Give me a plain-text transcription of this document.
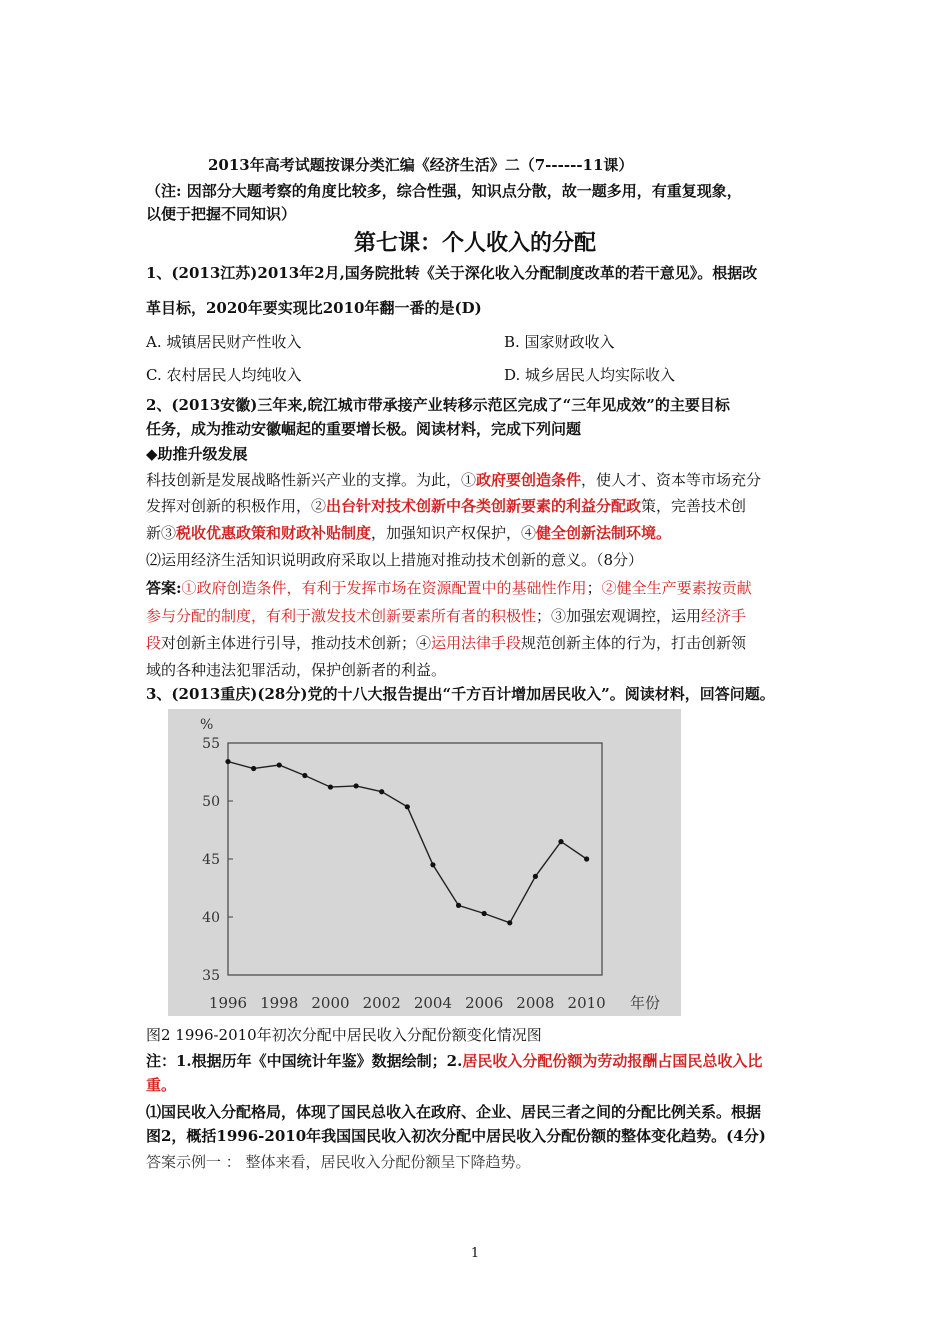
2013年高考试题按课分类汇编《经济生活》二（7------11课）
（注: 因部分大题考察的角度比较多，综合性强，知识点分散，故一题多用，有重复现象，
以便于把握不同知识）
第七课：个人收入的分配
1、(2013江苏)2013年2月,国务院批转《关于深化收入分配制度改革的若干意见》。根据改
革目标，2020年要实现比2010年翻一番的是(D)
A. 城镇居民财产性收入	B. 国家财政收入
C. 农村居民人均纯收入	D. 城乡居民人均实际收入
2、(2013安徽)三年来,皖江城市带承接产业转移示范区完成了“三年见成效”的主要目标
任务，成为推动安徽崛起的重要增长极。阅读材料，完成下列问题
◆助推升级发展
科技创新是发展战略性新兴产业的支撑。为此，①政府要创造条件，使人才、资本等市场充分
发挥对创新的积极作用，②出台针对技术创新中各类创新要素的利益分配政策，完善技术创
新③税收优惠政策和财政补贴制度，加强知识产权保护，④健全创新法制环境。
⑵运用经济生活知识说明政府采取以上措施对推动技术创新的意义。（8分）
答案:①政府创造条件，有利于发挥市场在资源配置中的基础性作用；②健全生产要素按贡献
参与分配的制度，有利于激发技术创新要素所有者的积极性；③加强宏观调控，运用经济手
段对创新主体进行引导，推动技术创新；④运用法律手段规范创新主体的行为，打击创新领
域的各种违法犯罪活动，保护创新者的利益。
3、(2013重庆)(28分)党的十八大报告提出“千方百计增加居民收入”。阅读材料，回答问题。
%
35
40
45
50
55
1996 1998 2000 2002 2004 2006 2008 2010 年份
图2 1996-2010年初次分配中居民收入分配份额变化情况图
注：1.根据历年《中国统计年鉴》数据绘制；2.居民收入分配份额为劳动报酬占国民总收入比
重。
⑴国民收入分配格局，体现了国民总收入在政府、企业、居民三者之间的分配比例关系。根据
图2，概括1996-2010年我国国民收入初次分配中居民收入分配份额的整体变化趋势。(4分)
答案示例一 ： 整体来看，居民收入分配份额呈下降趋势。
1
